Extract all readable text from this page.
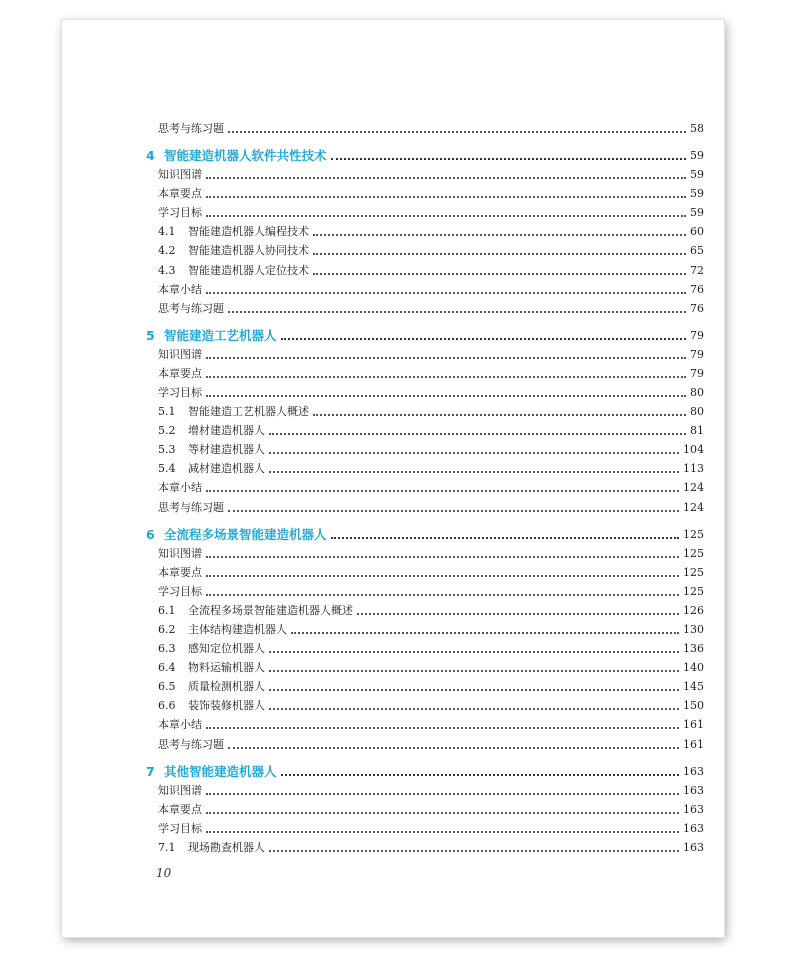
思考与练习题	58
4 智能建造机器人软件共性技术	59
知识图谱	59
本章要点	59
学习目标	59
4.1	智能建造机器人编程技术	60
4.2	智能建造机器人协同技术	65
4.3	智能建造机器人定位技术	72
本章小结	76
思考与练习题	76
5 智能建造工艺机器人	79
知识图谱	79
本章要点	79
学习目标	80
5.1	智能建造工艺机器人概述	80
5.2	增材建造机器人	81
5.3	等材建造机器人	104
5.4	减材建造机器人	113
本章小结	124
思考与练习题	124
6 全流程多场景智能建造机器人	125
知识图谱	125
本章要点	125
学习目标	125
6.1	全流程多场景智能建造机器人概述	126
6.2	主体结构建造机器人	130
6.3	感知定位机器人	136
6.4	物料运输机器人	140
6.5	质量检测机器人	145
6.6	装饰装修机器人	150
本章小结	161
思考与练习题	161
7 其他智能建造机器人	163
知识图谱	163
本章要点	163
学习目标	163
7.1	现场勘查机器人	163
10
